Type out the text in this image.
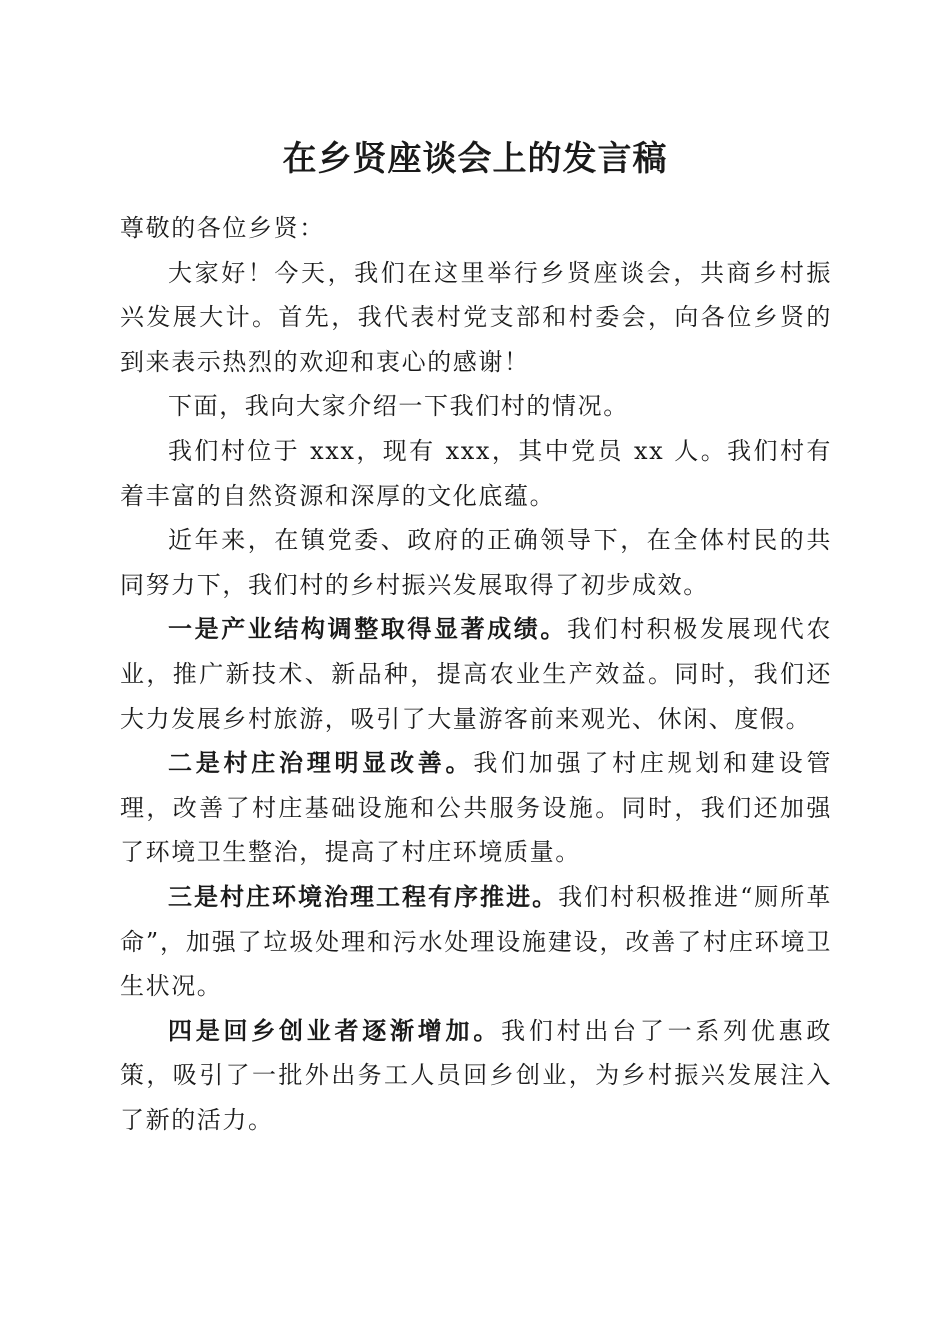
在乡贤座谈会上的发言稿

尊敬的各位乡贤：

大家好！今天，我们在这里举行乡贤座谈会，共商乡村振兴发展大计。首先，我代表村党支部和村委会，向各位乡贤的到来表示热烈的欢迎和衷心的感谢！

下面，我向大家介绍一下我们村的情况。

我们村位于 xxx，现有 xxx，其中党员 xx 人。我们村有着丰富的自然资源和深厚的文化底蕴。

近年来，在镇党委、政府的正确领导下，在全体村民的共同努力下，我们村的乡村振兴发展取得了初步成效。

一是产业结构调整取得显著成绩。我们村积极发展现代农业，推广新技术、新品种，提高农业生产效益。同时，我们还大力发展乡村旅游，吸引了大量游客前来观光、休闲、度假。

二是村庄治理明显改善。我们加强了村庄规划和建设管理，改善了村庄基础设施和公共服务设施。同时，我们还加强了环境卫生整治，提高了村庄环境质量。

三是村庄环境治理工程有序推进。我们村积极推进“厕所革命”，加强了垃圾处理和污水处理设施建设，改善了村庄环境卫生状况。

四是回乡创业者逐渐增加。我们村出台了一系列优惠政策，吸引了一批外出务工人员回乡创业，为乡村振兴发展注入了新的活力。
